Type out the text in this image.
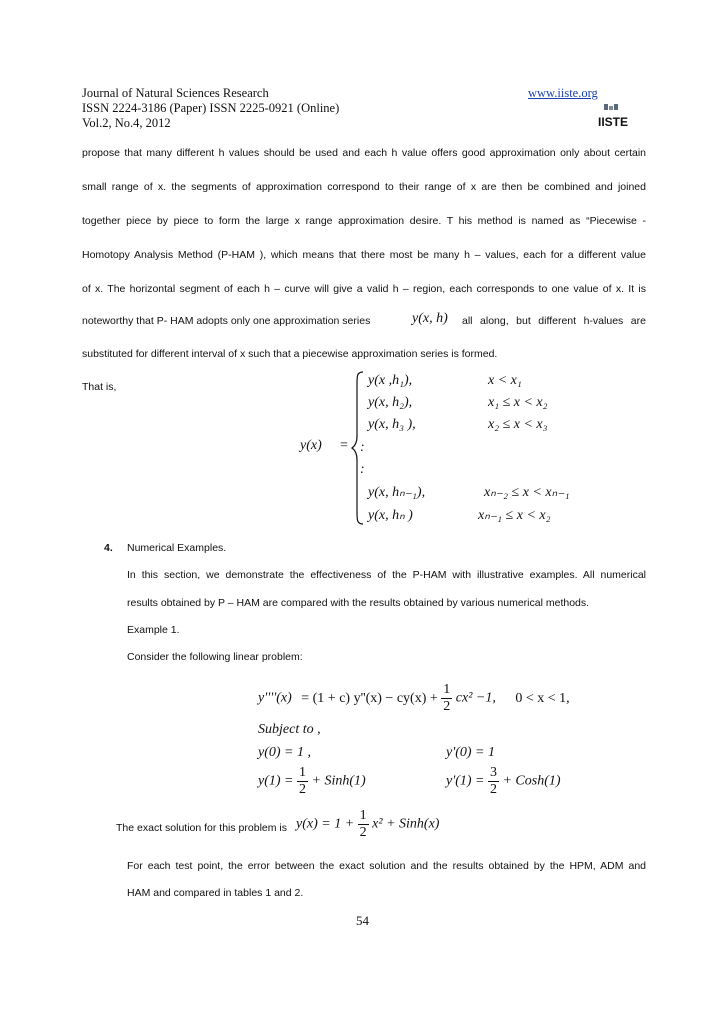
Journal of Natural Sciences Research
ISSN 2224-3186 (Paper) ISSN 2225-0921 (Online)
Vol.2, No.4, 2012
www.iiste.org
IISTE
propose that many different h values should be used and each h value offers good approximation only about certain
small range of x. the segments of approximation correspond to their range of x are then be combined and joined
together piece by piece to form the large x range approximation desire. T his method is named as “Piecewise -
Homotopy Analysis Method (P-HAM ), which means that there most be many h – values, each for a different value
of x. The horizontal segment of each h – curve will give a valid h – region, each corresponds to one value of x. It is
noteworthy that P- HAM adopts only one approximation series	y(x, h) all along, but different h-values are
substituted for different interval of x such that a piecewise approximation series is formed.
That is,
y(x) =
y(x ,h₁),	x < x₁
y(x, h₂),	x₁ ≤ x < x₂
y(x, h₃ ),	x₂ ≤ x < x₃
:
:
y(x, hₙ₋₁),	xₙ₋₂ ≤ x < xₙ₋₁
y(x, hₙ )	xₙ₋₁ ≤ x < x₂
4. Numerical Examples.
In this section, we demonstrate the effectiveness of the P-HAM with illustrative examples. All numerical
results obtained by P – HAM are compared with the results obtained by various numerical methods.
Example 1.
Consider the following linear problem:
y''''(x) = (1 + c) $y''(x) - cy(x) + \frac{1}{2} cx^2 -1$, 0 < x < 1,
Subject to ,
y(0) = 1 ,	y'(0) = 1
$y(1) = \frac{1}{2}$ + Sinh(1)	$y'(1) = \frac{3}{2}$ + Cosh(1)
The exact solution for this problem is $y(x) = 1 + \frac{1}{2} x^2$ + Sinh(x)
For each test point, the error between the exact solution and the results obtained by the HPM, ADM and
HAM and compared in tables 1 and 2.
54
